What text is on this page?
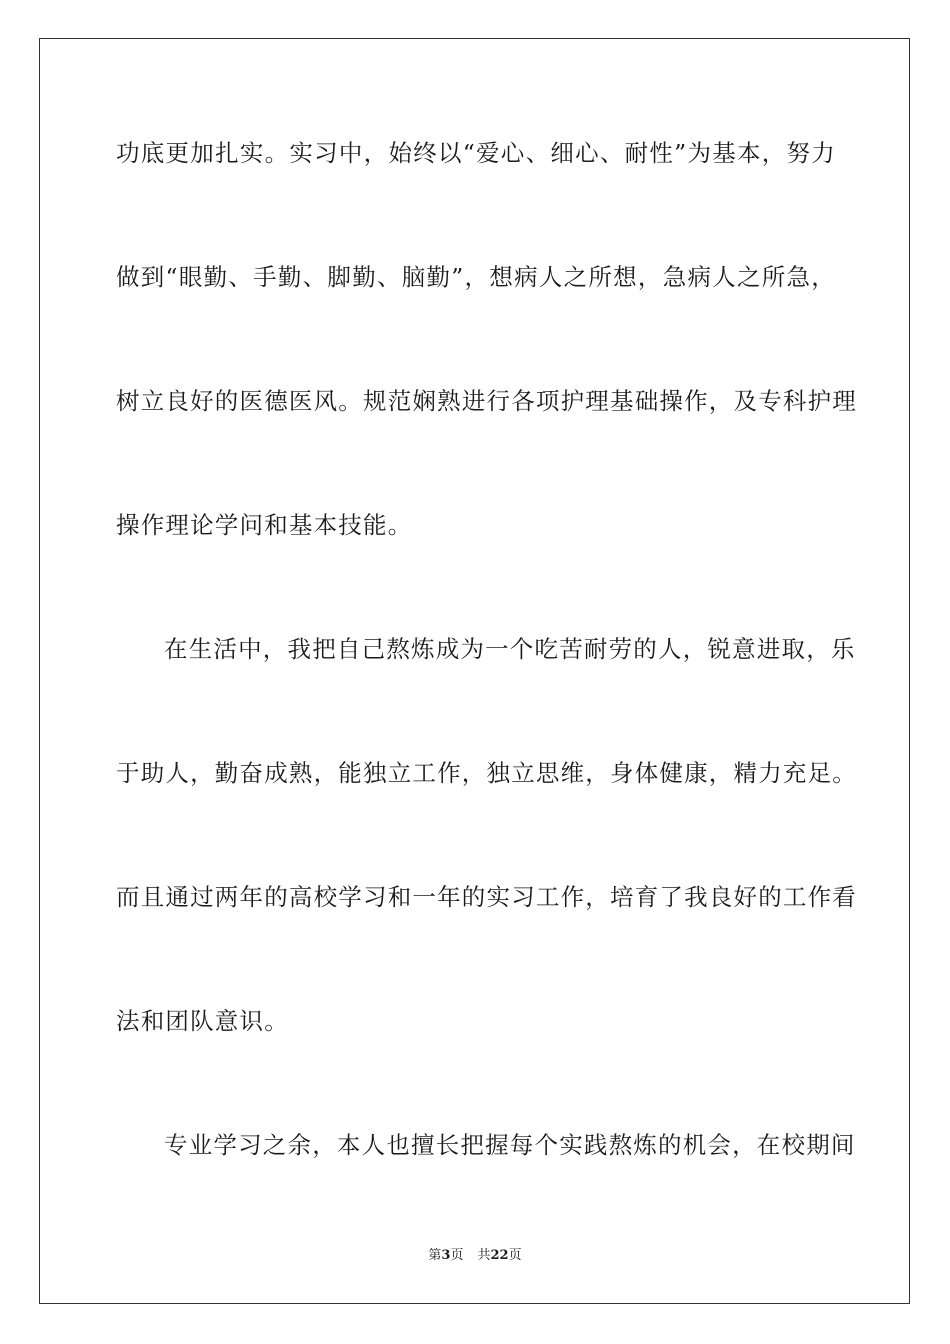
功底更加扎实。实习中，始终以“爱心、细心、耐性”为基本，努力
做到“眼勤、手勤、脚勤、脑勤”，想病人之所想，急病人之所急，
树立良好的医德医风。规范娴熟进行各项护理基础操作，及专科护理
操作理论学问和基本技能。
在生活中，我把自己熬炼成为一个吃苦耐劳的人，锐意进取，乐
于助人，勤奋成熟，能独立工作，独立思维，身体健康，精力充足。
而且通过两年的高校学习和一年的实习工作，培育了我良好的工作看
法和团队意识。
专业学习之余，本人也擅长把握每个实践熬炼的机会，在校期间
第3页 共22页
